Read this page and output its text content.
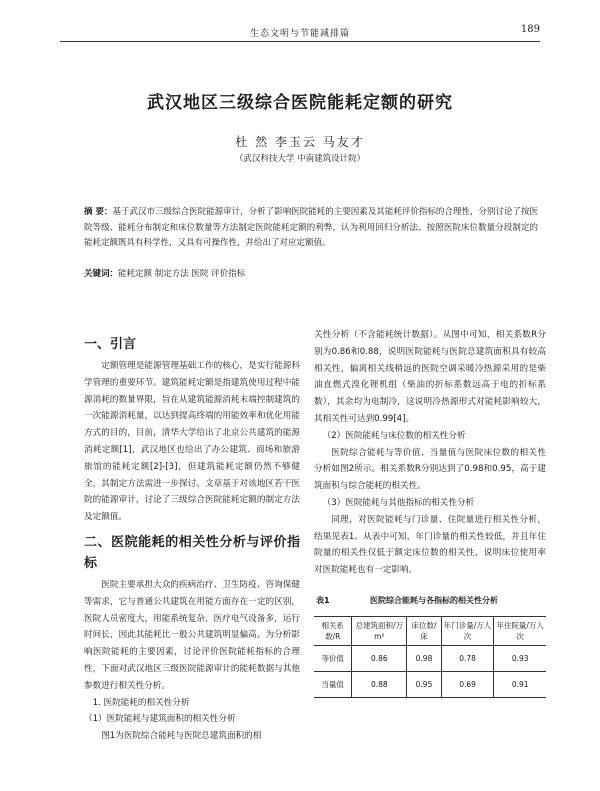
生态文明与节能减排篇	189
武汉地区三级综合医院能耗定额的研究
杜 然 李玉云 马友才
（武汉科技大学 中南建筑设计院）
摘 要：基于武汉市三级综合医院能源审计，分析了影响医院能耗的主要因素及其能耗评价指标的合理性，分别讨论了按医院等级、能耗分布制定和床位数量等方法制定医院能耗定额的利弊，认为利用回归分析法、按照医院床位数量分段制定的能耗定额既具有科学性，又具有可操作性，并给出了对应定额值。
关键词：能耗定额 制定方法 医院 评价指标
一、引言
定额管理是能源管理基础工作的核心，是实行能源科学管理的重要环节。建筑能耗定额是指建筑使用过程中能源消耗的数量界限，旨在从建筑能源消耗末端控制建筑的一次能源消耗量，以达到提高终端的用能效率和优化用能方式的目的，目前，清华大学给出了北京公共建筑的能源消耗定额[1]，武汉地区也给出了办公建筑、商场和旅游旅馆的能耗定额[2]-[3]，但建筑能耗定额仍然不够健全，其制定方法需进一步探讨。文章基于对该地区若干医院的能源审计，讨论了三级综合医院能耗定额的制定方法及定额值。
二、医院能耗的相关性分析与评价指标
医院主要承担大众的疾病治疗、卫生防疫、咨询保健等需求，它与普通公共建筑在用能方面存在一定的区别，医院人员密度大，用能系统复杂，医疗电气设备多，运行时间长，因此其能耗比一般公共建筑明显偏高。为分析影响医院能耗的主要因素，讨论评价医院能耗指标的合理性，下面对武汉地区三级医院能源审计的能耗数据与其他参数进行相关性分析。
1. 医院能耗的相关性分析
（1）医院能耗与建筑面积的相关性分析
图1为医院综合能耗与医院总建筑面积的相
关性分析（不含能耗统计数据）。从图中可知，相关系数R分别为0.86和0.88，说明医院能耗与医院总建筑面积具有较高相关性，偏离相关线稍远的医院空调采暖冷热源采用的是柴油直燃式溴化锂机组（柴油的折标系数远高于电的折标系数），其余均为电制冷，这说明冷热源形式对能耗影响较大，其相关性可达到0.99[4]。
（2）医院能耗与床位数的相关性分析
医院综合能耗与等价值、当量值与医院床位数的相关性分析如图2所示。相关系数R分别达到了0.98和0.95，高于建筑面积与综合能耗的相关性。
（3）医院能耗与其他指标的相关性分析
同理，对医院能耗与门诊量、住院量进行相关性分析，结果见表1。从表中可知，年门诊量的相关性较低，并且年住院量的相关性仅低于额定床位数的相关性，说明床位使用率对医院能耗也有一定影响。
表1	医院综合能耗与各指标的相关性分析
相关系数/R	总建筑面积/万m²	床位数/床	年门诊量/万人次	年住院量/万人次
等价值	0.86	0.98	0.78	0.93
当量值	0.88	0.95	0.69	0.91
